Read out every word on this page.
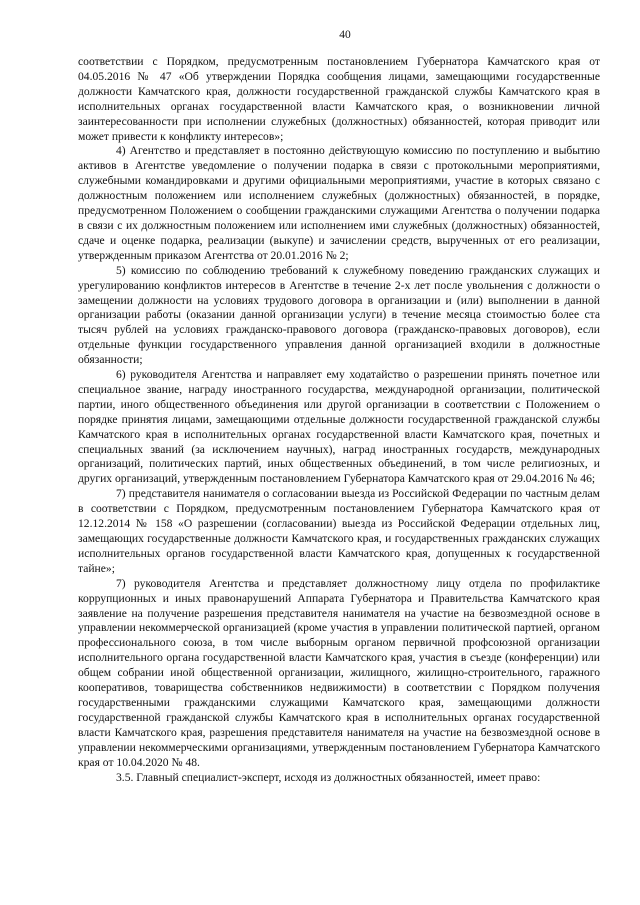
40

соответствии с Порядком, предусмотренным постановлением Губернатора Камчатского края от 04.05.2016 № 47 «Об утверждении Порядка сообщения лицами, замещающими государственные должности Камчатского края, должности государственной гражданской службы Камчатского края в исполнительных органах государственной власти Камчатского края, о возникновении личной заинтересованности при исполнении служебных (должностных) обязанностей, которая приводит или может привести к конфликту интересов»;

4) Агентство и представляет в постоянно действующую комиссию по поступлению и выбытию активов в Агентстве уведомление о получении подарка в связи с протокольными мероприятиями, служебными командировками и другими официальными мероприятиями, участие в которых связано с должностным положением или исполнением служебных (должностных) обязанностей, в порядке, предусмотренном Положением о сообщении гражданскими служащими Агентства о получении подарка в связи с их должностным положением или исполнением ими служебных (должностных) обязанностей, сдаче и оценке подарка, реализации (выкупе) и зачислении средств, вырученных от его реализации, утвержденным приказом Агентства от 20.01.2016 № 2;

5) комиссию по соблюдению требований к служебному поведению гражданских служащих и урегулированию конфликтов интересов в Агентстве в течение 2-х лет после увольнения с должности о замещении должности на условиях трудового договора в организации и (или) выполнении в данной организации работы (оказании данной организации услуги) в течение месяца стоимостью более ста тысяч рублей на условиях гражданско-правового договора (гражданско-правовых договоров), если отдельные функции государственного управления данной организацией входили в должностные обязанности;

6) руководителя Агентства и направляет ему ходатайство о разрешении принять почетное или специальное звание, награду иностранного государства, международной организации, политической партии, иного общественного объединения или другой организации в соответствии с Положением о порядке принятия лицами, замещающими отдельные должности государственной гражданской службы Камчатского края в исполнительных органах государственной власти Камчатского края, почетных и специальных званий (за исключением научных), наград иностранных государств, международных организаций, политических партий, иных общественных объединений, в том числе религиозных, и других организаций, утвержденным постановлением Губернатора Камчатского края от 29.04.2016 № 46;

7) представителя нанимателя о согласовании выезда из Российской Федерации по частным делам в соответствии с Порядком, предусмотренным постановлением Губернатора Камчатского края от 12.12.2014 № 158 «О разрешении (согласовании) выезда из Российской Федерации отдельных лиц, замещающих государственные должности Камчатского края, и государственных гражданских служащих исполнительных органов государственной власти Камчатского края, допущенных к государственной тайне»;

7) руководителя Агентства и представляет должностному лицу отдела по профилактике коррупционных и иных правонарушений Аппарата Губернатора и Правительства Камчатского края заявление на получение разрешения представителя нанимателя на участие на безвозмездной основе в управлении некоммерческой организацией (кроме участия в управлении политической партией, органом профессионального союза, в том числе выборным органом первичной профсоюзной организации исполнительного органа государственной власти Камчатского края, участия в съезде (конференции) или общем собрании иной общественной организации, жилищного, жилищно-строительного, гаражного кооперативов, товарищества собственников недвижимости) в соответствии с Порядком получения государственными гражданскими служащими Камчатского края, замещающими должности государственной гражданской службы Камчатского края в исполнительных органах государственной власти Камчатского края, разрешения представителя нанимателя на участие на безвозмездной основе в управлении некоммерческими организациями, утвержденным постановлением Губернатора Камчатского края от 10.04.2020 № 48.

3.5. Главный специалист-эксперт, исходя из должностных обязанностей, имеет право:
